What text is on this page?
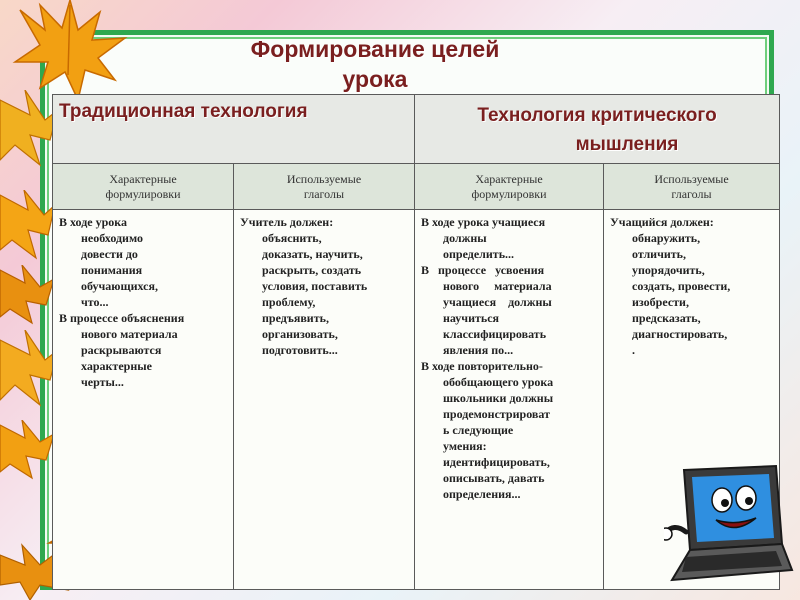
Формирование целей
урока
Традиционная технология	Технология критического
мышления
Характерные
формулировки
Используемые
глаголы
Характерные
формулировки
Используемые
глаголы

В ходе урока

необходимо

довести до

понимания

обучающихся,

что...

В процессе объяснения

нового материала

раскрываются

характерные

черты...

Учитель должен:

объяснить,

доказать, научить,

раскрыть, создать

условия, поставить

проблему,

предъявить,

организовать,

подготовить...

В ходе урока учащиеся

должны

определить...

В   процессе   усвоения

нового     материала

учащиеся    должны

научиться

классифицировать

явления по...

В ходе повторительно-

обобщающего урока

школьники должны

продемонстрироват

ь следующие

умения:

идентифицировать,

описывать, давать

определения...

Учащийся должен:

обнаружить,

отличить,

упорядочить,

создать, провести,

изобрести,

предсказать,

диагностировать,

.
